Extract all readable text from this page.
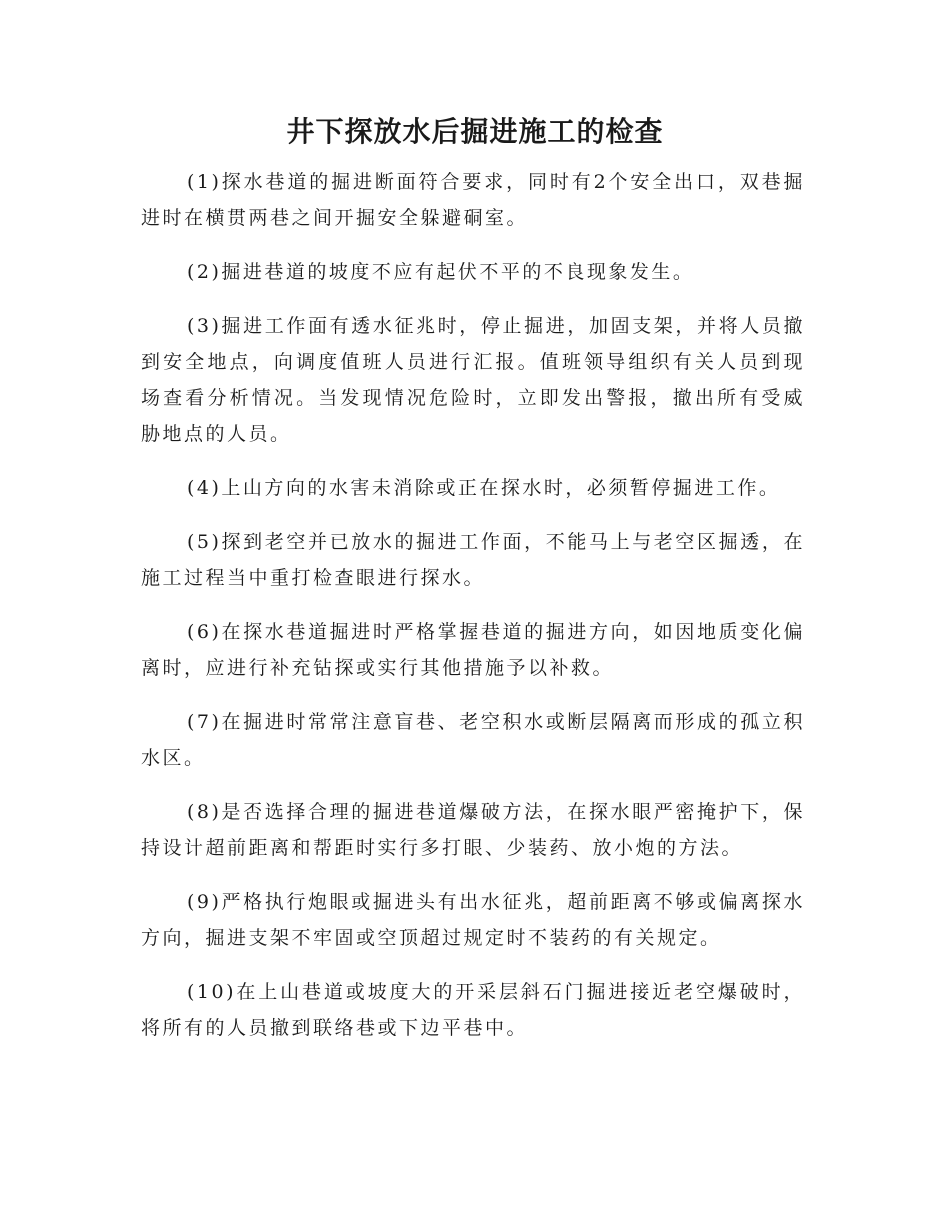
井下探放水后掘进施工的检查

(1)探水巷道的掘进断面符合要求，同时有2个安全出口，双巷掘进时在横贯两巷之间开掘安全躲避硐室。

(2)掘进巷道的坡度不应有起伏不平的不良现象发生。

(3)掘进工作面有透水征兆时，停止掘进，加固支架，并将人员撤到安全地点，向调度值班人员进行汇报。值班领导组织有关人员到现场查看分析情况。当发现情况危险时，立即发出警报，撤出所有受威胁地点的人员。

(4)上山方向的水害未消除或正在探水时，必须暂停掘进工作。

(5)探到老空并已放水的掘进工作面，不能马上与老空区掘透，在施工过程当中重打检查眼进行探水。

(6)在探水巷道掘进时严格掌握巷道的掘进方向，如因地质变化偏离时，应进行补充钻探或实行其他措施予以补救。

(7)在掘进时常常注意盲巷、老空积水或断层隔离而形成的孤立积水区。

(8)是否选择合理的掘进巷道爆破方法，在探水眼严密掩护下，保持设计超前距离和帮距时实行多打眼、少装药、放小炮的方法。

(9)严格执行炮眼或掘进头有出水征兆，超前距离不够或偏离探水方向，掘进支架不牢固或空顶超过规定时不装药的有关规定。

(10)在上山巷道或坡度大的开采层斜石门掘进接近老空爆破时，将所有的人员撤到联络巷或下边平巷中。
